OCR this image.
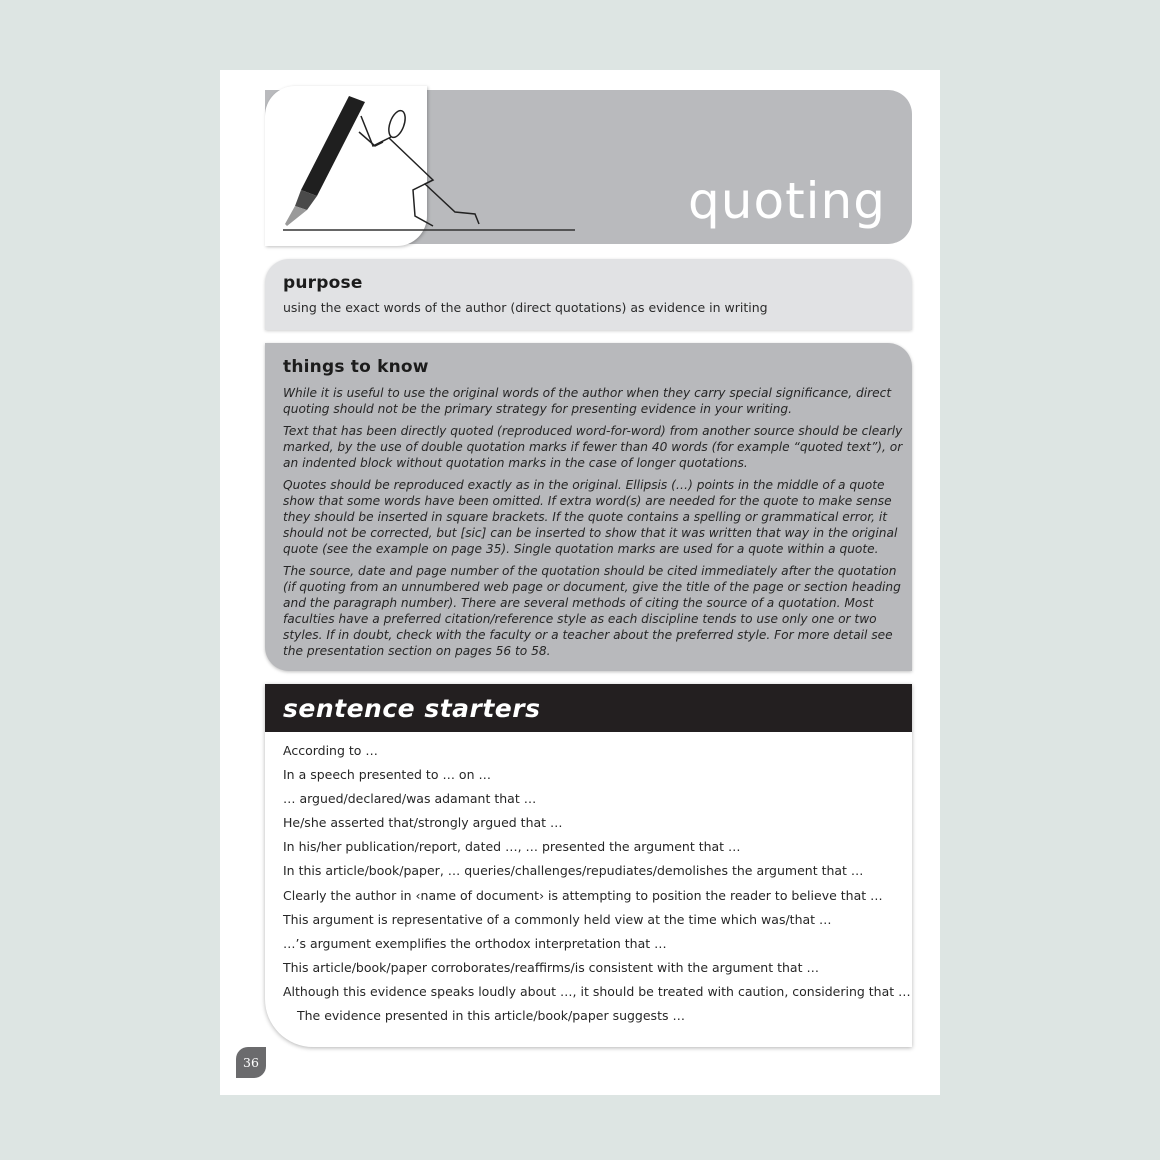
quoting
purpose
using the exact words of the author (direct quotations) as evidence in writing
things to know

While it is useful to use the original words of the author when they carry special significance, direct quoting should not be the primary strategy for presenting evidence in your writing.

Text that has been directly quoted (reproduced word-for-word) from another source should be clearly marked, by the use of double quotation marks if fewer than 40 words (for example “quoted text”), or an indented block without quotation marks in the case of longer quotations.

Quotes should be reproduced exactly as in the original. Ellipsis (…) points in the middle of a quote show that some words have been omitted. If extra word(s) are needed for the quote to make sense they should be inserted in square brackets. If the quote contains a spelling or grammatical error, it should not be corrected, but [sic] can be inserted to show that it was written that way in the original quote (see the example on page 35). Single quotation marks are used for a quote within a quote.

The source, date and page number of the quotation should be cited immediately after the quotation (if quoting from an unnumbered web page or document, give the title of the page or section heading and the paragraph number). There are several methods of citing the source of a quotation. Most faculties have a preferred citation/reference style as each discipline tends to use only one or two styles. If in doubt, check with the faculty or a teacher about the preferred style. For more detail see the presentation section on pages 56 to 58.

sentence starters
According to …
In a speech presented to … on …
… argued/declared/was adamant that …
He/she asserted that/strongly argued that …
In his/her publication/report, dated …, … presented the argument that …
In this article/book/paper, … queries/challenges/repudiates/demolishes the argument that …
Clearly the author in ‹name of document› is attempting to position the reader to believe that …
This argument is representative of a commonly held view at the time which was/that …
…’s argument exemplifies the orthodox interpretation that …
This article/book/paper corroborates/reaffirms/is consistent with the argument that …
Although this evidence speaks loudly about …, it should be treated with caution, considering that …
The evidence presented in this article/book/paper suggests …
36
